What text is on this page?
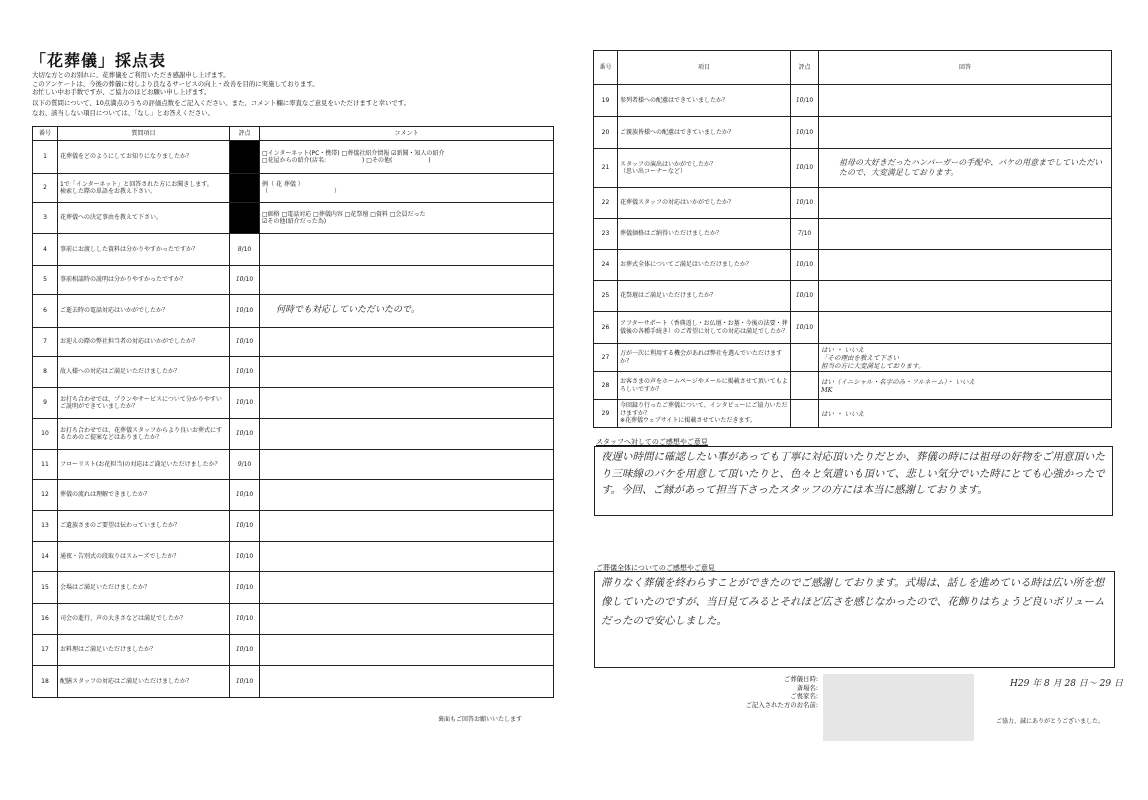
「花葬儀」採点表
大切な方とのお別れに、花葬儀をご利用いただき感謝申し上げます。
このアンケートは、今後の葬儀に対しより良なるサービスの向上・改善を目的に実施しております。
お忙しい中お手数ですが、ご協力のほどお願い申し上げます。
以下の質問について、10点満点のうちの評価点数をご記入ください。また、コメント欄に率直なご意見をいただけますと幸いです。
なお、該当しない項目については、「なし」とお答えください。
番号	質問項目	評点	コメント
1	花葬儀をどのようにしてお知りになりましたか？		□インターネット(PC・携帯) □葬儀社紹介情報 ☑新聞・知人の紹介
□花屋からの紹介(店名:　　　　　　) □その他(　　　　　　)
2	1で「インターネット」と回答された方にお聞きします。
検索した際の単語をお教え下さい。		例（ 花 葬儀 ）
（　　　　　　　　　　　）
3	花葬儀への決定事由を教えて下さい。		□価格 □電話対応 □葬儀内容 □花祭壇 □資料 □会員だった
☑その他(紹介だった為)
4	事前にお渡しした資料は分かりやすかったですか？	8/10	
5	事前相談時の説明は分かりやすかったですか？	10/10	
6	ご逝去時の電話対応はいかがでしたか？	10/10	何時でも対応していただいたので。
7	お迎えの際の弊社担当者の対応はいかがでしたか？	10/10	
8	故人様への対応はご満足いただけましたか？	10/10	
9	お打ち合わせでは、プランやサービスについて分かりやすい
ご説明ができていましたか？	10/10	
10	お打ち合わせでは、花葬儀スタッフからより良いお葬式にするためのご提案などはありましたか？	10/10	
11	フローリスト(お花担当)の対応はご満足いただけましたか？	9/10	
12	葬儀の流れは理解できましたか？	10/10	
13	ご遺族さまのご要望は伝わっていましたか？	10/10	
14	通夜・告別式の段取りはスムーズでしたか？	10/10	
15	会場はご満足いただけましたか？	10/10	
16	司会の進行、声の大きさなどは満足でしたか？	10/10	
17	お料理はご満足いただけましたか？	10/10	
18	配膳スタッフの対応はご満足いただけましたか？	10/10	
裏面もご回答お願いいたします
番号	項目	評点	回答
19	参列者様への配慮はできていましたか？	10/10	
20	ご親族皆様への配慮はできていましたか？	10/10	
21	スタッフの演出はいかがでしたか？
（思い出コーナーなど）	10/10	祖母の大好きだったハンバーガーの手配や、バケの用意までしていただいたので、大変満足しております。
22	花葬儀スタッフの対応はいかがでしたか？	10/10	
23	葬儀価格はご納得いただけましたか？	7/10	
24	お葬式全体についてご満足はいただけましたか？	10/10	
25	花祭壇はご満足いただけましたか？	10/10	
26	アフターサポート（香典返し・お仏壇・お墓・今後の法要・葬儀後の各種手続き）のご希望に対しての対応は満足でしたか？	10/10	
27	万が一次に利用する機会があれば弊社を選んでいただけますか？		はい ・ いいえ
「その理由を教えて下さい
担当の方に大変満足しております。
28	お客さまの声をホームページやメールに掲載させて頂いてもよろしいですか？		はい（イニシャル・名字のみ・フルネーム）・ いいえ
MK
29	今回録り行ったご葬儀について、インタビューにご協力いただけますか？
※花葬儀ウェブサイトに掲載させていただきます。		はい ・ いいえ
スタッフへ対してのご感想やご意見
夜遅い時間に確認したい事があっても丁寧に対応頂いたりだとか、葬儀の時には祖母の好物をご用意頂いたり三味線のバケを用意して頂いたりと、色々と気遣いも頂いて、悲しい気分でいた時にとても心強かったです。今回、ご縁があって担当下さったスタッフの方には本当に感謝しております。
ご葬儀全体についてのご感想やご意見
滞りなく葬儀を終わらすことができたのでご感謝しております。式場は、話しを進めている時は広い所を想像していたのですが、当日見てみるとそれほど広さを感じなかったので、花飾りはちょうど良いボリュームだったので安心しました。
ご葬儀日時:
斎場名:
ご喪家名:
ご記入された方のお名前:
H29 年 8 月 28 日〜 29 日
ご協力、誠にありがとうございました。
